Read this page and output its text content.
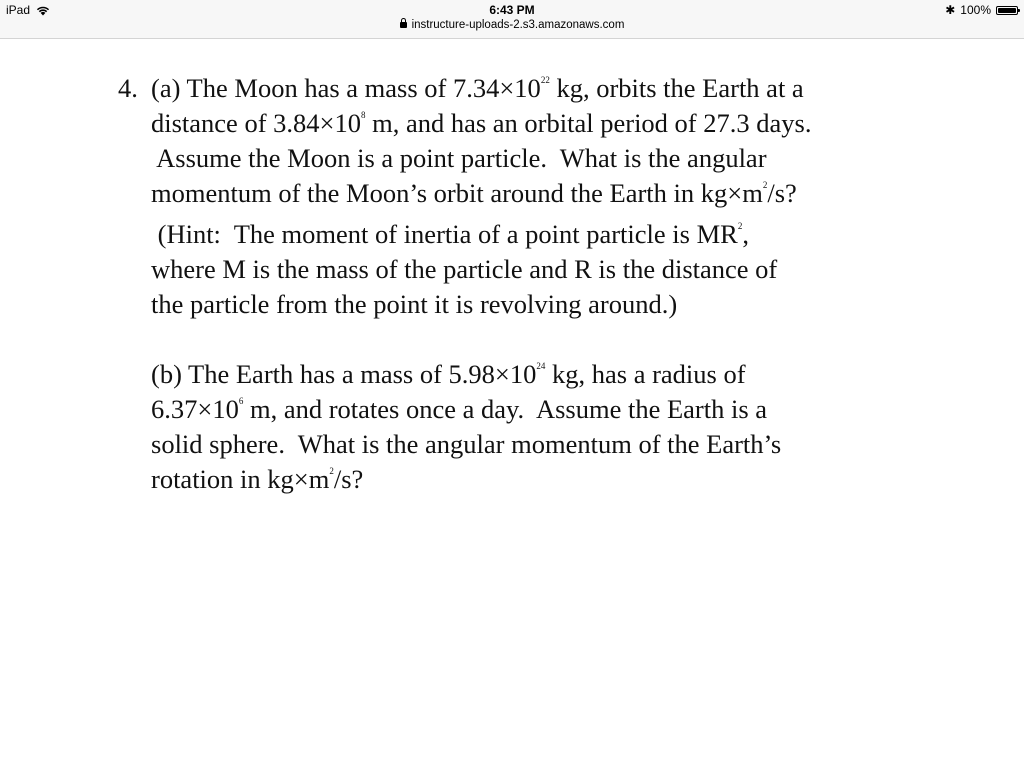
iPad	6:43 PM
instructure-uploads-2.s3.amazonaws.com
✱ 100%
4. (a) The Moon has a mass of $7.34\times 10^{22}$ kg, orbits the Earth at a
distance of $3.84\times 10^8$ m, and has an orbital period of 27.3 days.
Assume the Moon is a point particle.  What is the angular
momentum of the Moon’s orbit around the Earth in $kg\times m^2/s$?
(Hint:  The moment of inertia of a point particle is $MR^2$,
where M is the mass of the particle and R is the distance of
the particle from the point it is revolving around.)
(b) The Earth has a mass of $5.98\times 10^{24}$ kg, has a radius of
$6.37\times 10^6$ m, and rotates once a day.  Assume the Earth is a
solid sphere.  What is the angular momentum of the Earth’s
rotation in $kg\times m^2/s$?
